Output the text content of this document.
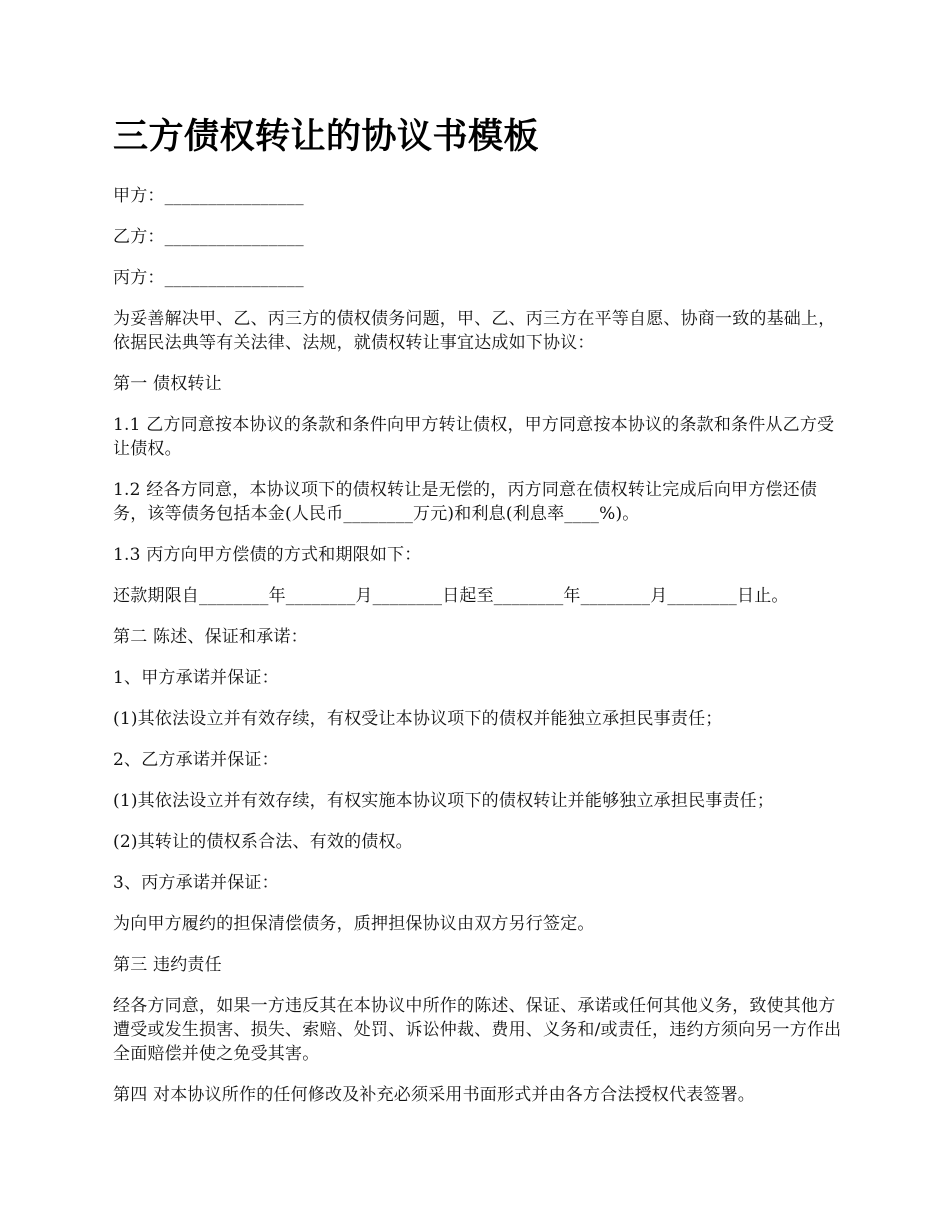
三方债权转让的协议书模板

甲方：________________

乙方：________________

丙方：________________

为妥善解决甲、乙、丙三方的债权债务问题，甲、乙、丙三方在平等自愿、协商一致的基础上，依据民法典等有关法律、法规，就债权转让事宜达成如下协议：

第一 债权转让

1.1 乙方同意按本协议的条款和条件向甲方转让债权，甲方同意按本协议的条款和条件从乙方受让债权。

1.2 经各方同意，本协议项下的债权转让是无偿的，丙方同意在债权转让完成后向甲方偿还债务，该等债务包括本金(人民币________万元)和利息(利息率____%)。

1.3 丙方向甲方偿债的方式和期限如下：

还款期限自________年________月________日起至________年________月________日止。

第二 陈述、保证和承诺：

1、甲方承诺并保证：

(1)其依法设立并有效存续，有权受让本协议项下的债权并能独立承担民事责任；

2、乙方承诺并保证：

(1)其依法设立并有效存续，有权实施本协议项下的债权转让并能够独立承担民事责任；

(2)其转让的债权系合法、有效的债权。

3、丙方承诺并保证：

为向甲方履约的担保清偿债务，质押担保协议由双方另行签定。

第三 违约责任

经各方同意，如果一方违反其在本协议中所作的陈述、保证、承诺或任何其他义务，致使其他方遭受或发生损害、损失、索赔、处罚、诉讼仲裁、费用、义务和/或责任，违约方须向另一方作出全面赔偿并使之免受其害。

第四 对本协议所作的任何修改及补充必须采用书面形式并由各方合法授权代表签署。
